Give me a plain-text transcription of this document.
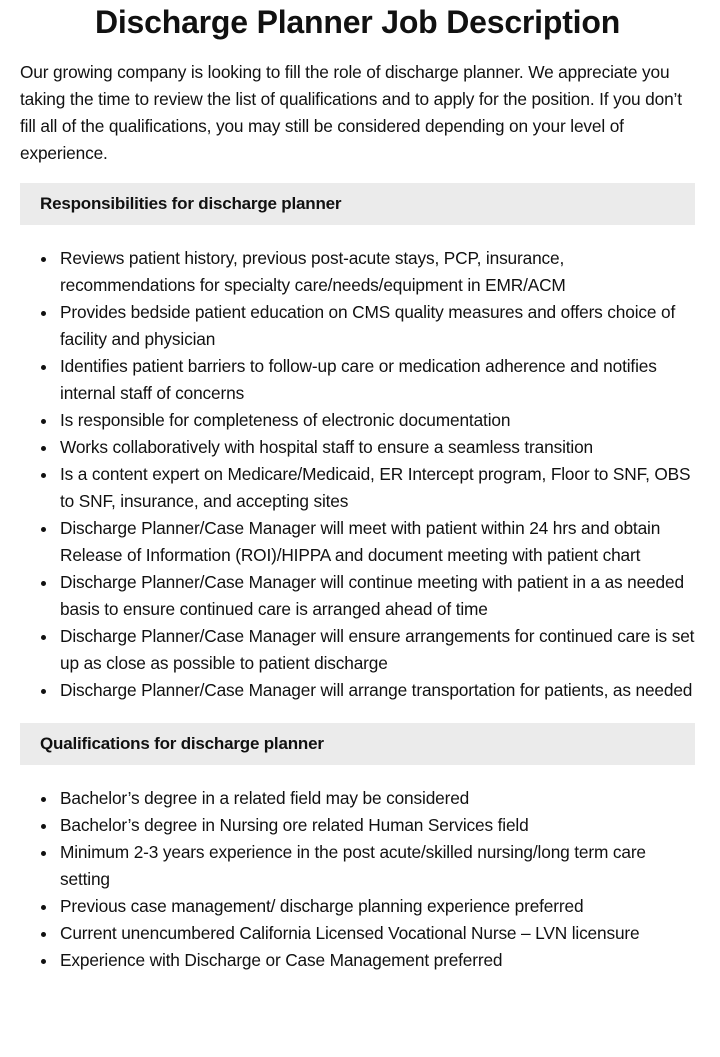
Discharge Planner Job Description

Our growing company is looking to fill the role of discharge planner. We appreciate you taking the time to review the list of qualifications and to apply for the position. If you don’t fill all of the qualifications, you may still be considered depending on your level of experience.

Responsibilities for discharge planner
Reviews patient history, previous post-acute stays, PCP, insurance, recommendations for specialty care/needs/equipment in EMR/ACM
Provides bedside patient education on CMS quality measures and offers choice of facility and physician
Identifies patient barriers to follow-up care or medication adherence and notifies internal staff of concerns
Is responsible for completeness of electronic documentation
Works collaboratively with hospital staff to ensure a seamless transition
Is a content expert on Medicare/Medicaid, ER Intercept program, Floor to SNF, OBS to SNF, insurance, and accepting sites
Discharge Planner/Case Manager will meet with patient within 24 hrs and obtain Release of Information (ROI)/HIPPA and document meeting with patient chart
Discharge Planner/Case Manager will continue meeting with patient in a as needed basis to ensure continued care is arranged ahead of time
Discharge Planner/Case Manager will ensure arrangements for continued care is set up as close as possible to patient discharge
Discharge Planner/Case Manager will arrange transportation for patients, as needed
Qualifications for discharge planner
Bachelor’s degree in a related field may be considered
Bachelor’s degree in Nursing ore related Human Services field
Minimum 2-3 years experience in the post acute/skilled nursing/long term care setting
Previous case management/ discharge planning experience preferred
Current unencumbered California Licensed Vocational Nurse – LVN licensure
Experience with Discharge or Case Management preferred
